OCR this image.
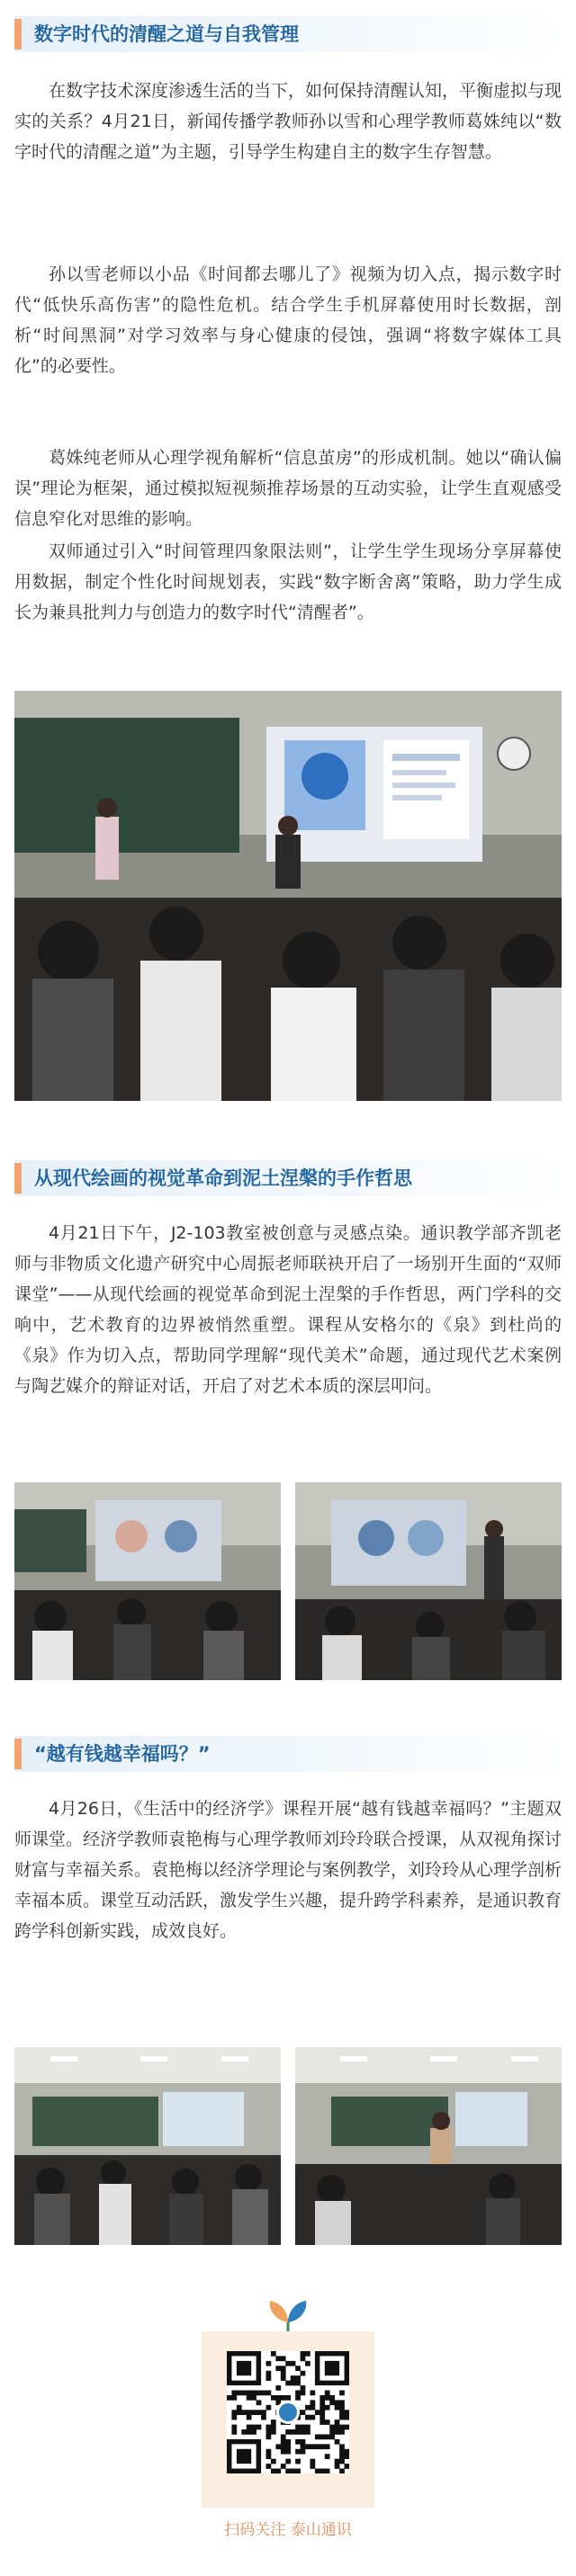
数字时代的清醒之道与自我管理

在数字技术深度渗透生活的当下，如何保持清醒认知，平衡虚拟与现实的关系？4月21日，新闻传播学教师孙以雪和心理学教师葛姝纯以“数字时代的清醒之道”为主题，引导学生构建自主的数字生存智慧。

孙以雪老师以小品《时间都去哪儿了》视频为切入点，揭示数字时代“低快乐高伤害”的隐性危机。结合学生手机屏幕使用时长数据，剖析“时间黑洞”对学习效率与身心健康的侵蚀，强调“将数字媒体工具化”的必要性。

葛姝纯老师从心理学视角解析“信息茧房”的形成机制。她以“确认偏误”理论为框架，通过模拟短视频推荐场景的互动实验，让学生直观感受信息窄化对思维的影响。

双师通过引入“时间管理四象限法则”，让学生学生现场分享屏幕使用数据，制定个性化时间规划表，实践“数字断舍离”策略，助力学生成长为兼具批判力与创造力的数字时代“清醒者”。

从现代绘画的视觉革命到泥土涅槃的手作哲思

4月21日下午，J2-103教室被创意与灵感点染。通识教学部齐凯老师与非物质文化遗产研究中心周振老师联袂开启了一场别开生面的“双师课堂”——从现代绘画的视觉革命到泥土涅槃的手作哲思，两门学科的交响中，艺术教育的边界被悄然重塑。课程从安格尔的《泉》到杜尚的《泉》作为切入点，帮助同学理解“现代美术”命题，通过现代艺术案例与陶艺媒介的辩证对话，开启了对艺术本质的深层叩问。

“越有钱越幸福吗？”

4月26日，《生活中的经济学》课程开展“越有钱越幸福吗？”主题双师课堂。经济学教师袁艳梅与心理学教师刘玲玲联合授课，从双视角探讨财富与幸福关系。袁艳梅以经济学理论与案例教学，刘玲玲从心理学剖析幸福本质。课堂互动活跃，激发学生兴趣，提升跨学科素养，是通识教育跨学科创新实践，成效良好。

扫码关注 泰山通识
